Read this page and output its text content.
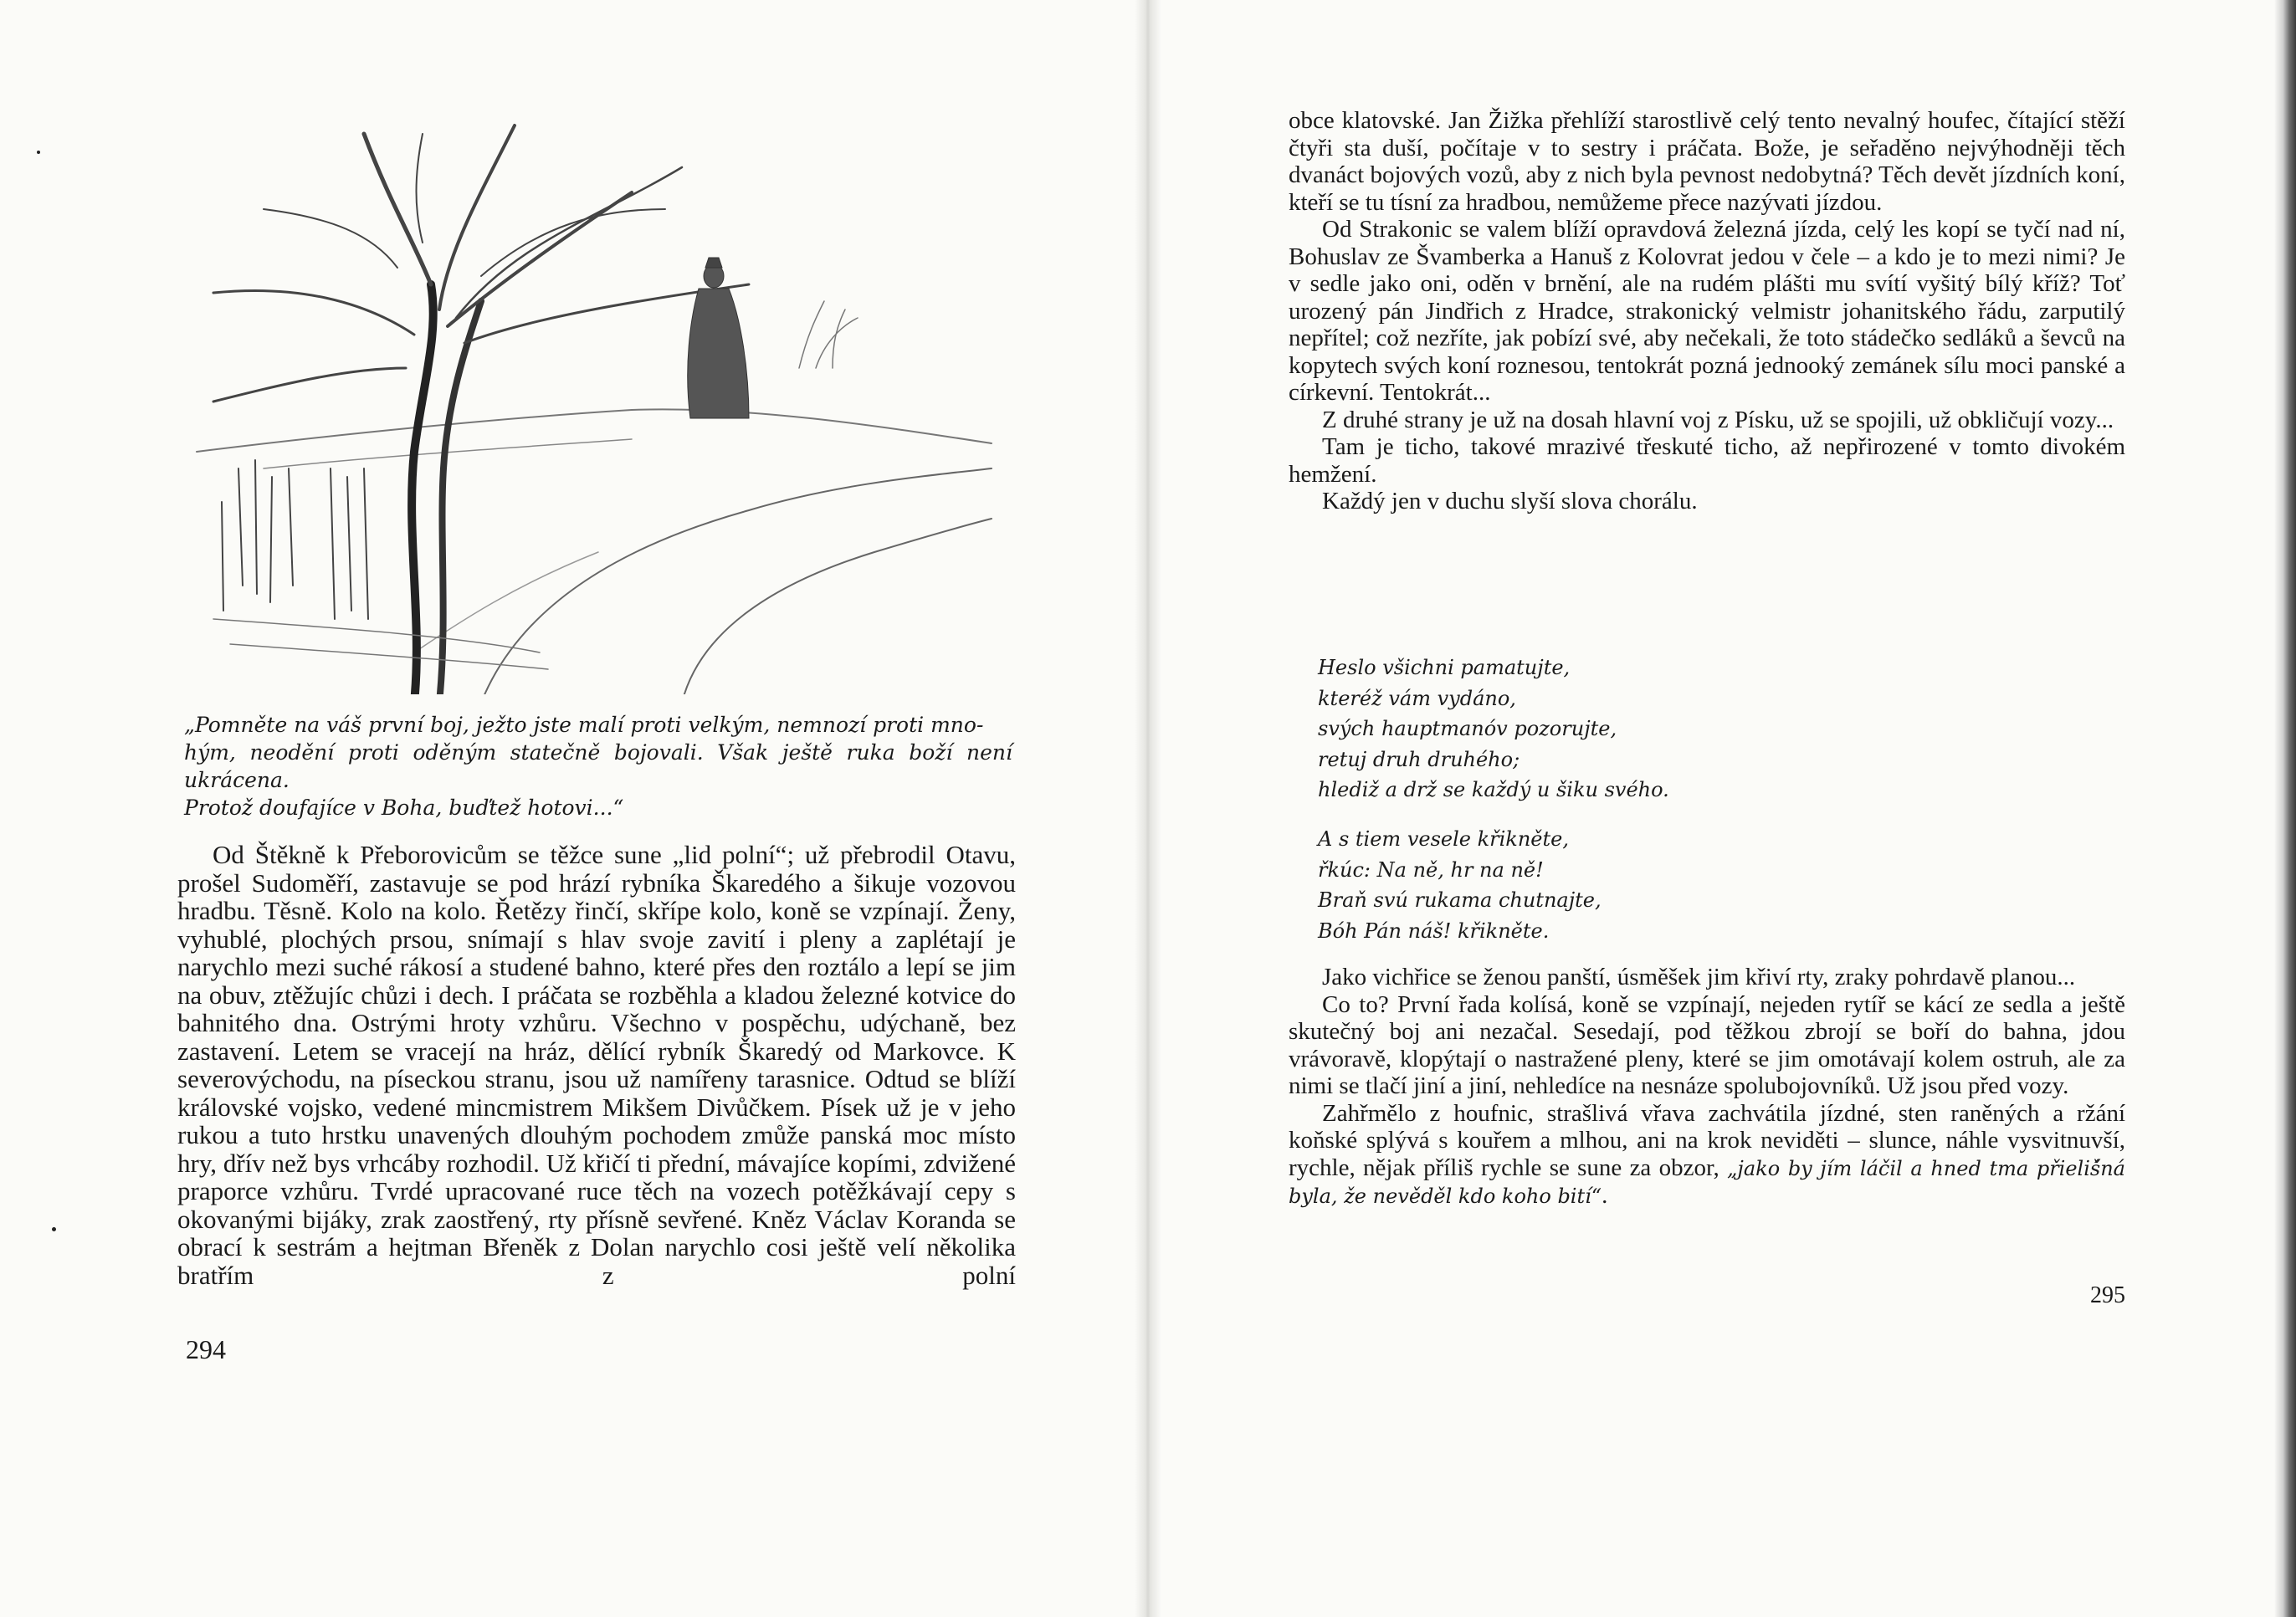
„Pomněte na váš první boj, ježto jste malí proti velkým, nemnozí proti mno-

hým, neodění proti oděným statečně bojovali. Však ještě ruka boží není ukrácena.

Protož doufajíce v Boha, buďtež hotovi...“

Od Štěkně k Přeborovicům se těžce sune „lid polní“; už přebrodil Otavu, prošel Sudoměří, zastavuje se pod hrází rybníka Škaredého a šikuje vozovou hradbu. Těsně. Kolo na kolo. Řetězy řinčí, skřípe kolo, koně se vzpínají. Ženy, vyhublé, plochých prsou, snímají s hlav svoje zavití i pleny a zaplétají je narychlo mezi suché rákosí a studené bahno, které přes den roztálo a lepí se jim na obuv, ztěžujíc chůzi i dech. I práčata se rozběhla a kladou železné kotvice do bahnitého dna. Ostrými hroty vzhůru. Všechno v pospěchu, udýchaně, bez zastavení. Letem se vracejí na hráz, dělící rybník Škaredý od Markovce. K severovýchodu, na píseckou stranu, jsou už namířeny tarasnice. Odtud se blíží královské vojsko, vedené mincmistrem Mikšem Divůčkem. Písek už je v jeho rukou a tuto hrstku unavených dlouhým pochodem zmůže panská moc místo hry, dřív než bys vrhcáby rozhodil. Už křičí ti přední, mávajíce kopími, zdvižené praporce vzhůru. Tvrdé upracované ruce těch na vozech potěžkávají cepy s okovanými bijáky, zrak zaostřený, rty přísně sevřené. Kněz Václav Koranda se obrací k sestrám a hejtman Břeněk z Dolan narychlo cosi ještě velí několika bratřím z polní

294

obce klatovské. Jan Žižka přehlíží starostlivě celý tento nevalný houfec, čítající stěží čtyři sta duší, počítaje v to sestry i práčata. Bože, je seřaděno nejvýhodněji těch dvanáct bojových vozů, aby z nich byla pevnost nedobytná? Těch devět jízdních koní, kteří se tu tísní za hradbou, nemůžeme přece nazývati jízdou.

Od Strakonic se valem blíží opravdová železná jízda, celý les kopí se tyčí nad ní, Bohuslav ze Švamberka a Hanuš z Kolovrat jedou v čele – a kdo je to mezi nimi? Je v sedle jako oni, oděn v brnění, ale na rudém plášti mu svítí vyšitý bílý kříž? Toť urozený pán Jindřich z Hradce, strakonický velmistr johanitského řádu, zarputilý nepřítel; což nezříte, jak pobízí své, aby nečekali, že toto stádečko sedláků a ševců na kopytech svých koní roznesou, tentokrát pozná jednooký zemánek sílu moci panské a církevní. Tentokrát...

Z druhé strany je už na dosah hlavní voj z Písku, už se spojili, už obkličují vozy...

Tam je ticho, takové mrazivé třeskuté ticho, až nepřirozené v tomto divokém hemžení.

Každý jen v duchu slyší slova chorálu.

Heslo všichni pamatujte,
kteréž vám vydáno,
svých hauptmanóv pozorujte,
retuj druh druhého;
hlediž a drž se každý u šiku svého.
A s tiem vesele křikněte,
řkúc: Na ně, hr na ně!
Braň svú rukama chutnajte,
Bóh Pán náš! křikněte.

Jako vichřice se ženou panští, úsměšek jim křiví rty, zraky pohrdavě planou...

Co to? První řada kolísá, koně se vzpínají, nejeden rytíř se kácí ze sedla a ještě skutečný boj ani nezačal. Sesedají, pod těžkou zbrojí se boří do bahna, jdou vrávoravě, klopýtají o nastražené pleny, které se jim omotávají kolem ostruh, ale za nimi se tlačí jiní a jiní, nehledíce na nesnáze spolubojovníků. Už jsou před vozy.

Zahřmělo z houfnic, strašlivá vřava zachvátila jízdné, sten raněných a ržání koňské splývá s kouřem a mlhou, ani na krok neviděti – slunce, náhle vysvitnuvší, rychle, nějak příliš rychle se sune za obzor, „jako by jím láčil a hned tma přieliš́ná byla, že nevěděl kdo koho bití“.

295
